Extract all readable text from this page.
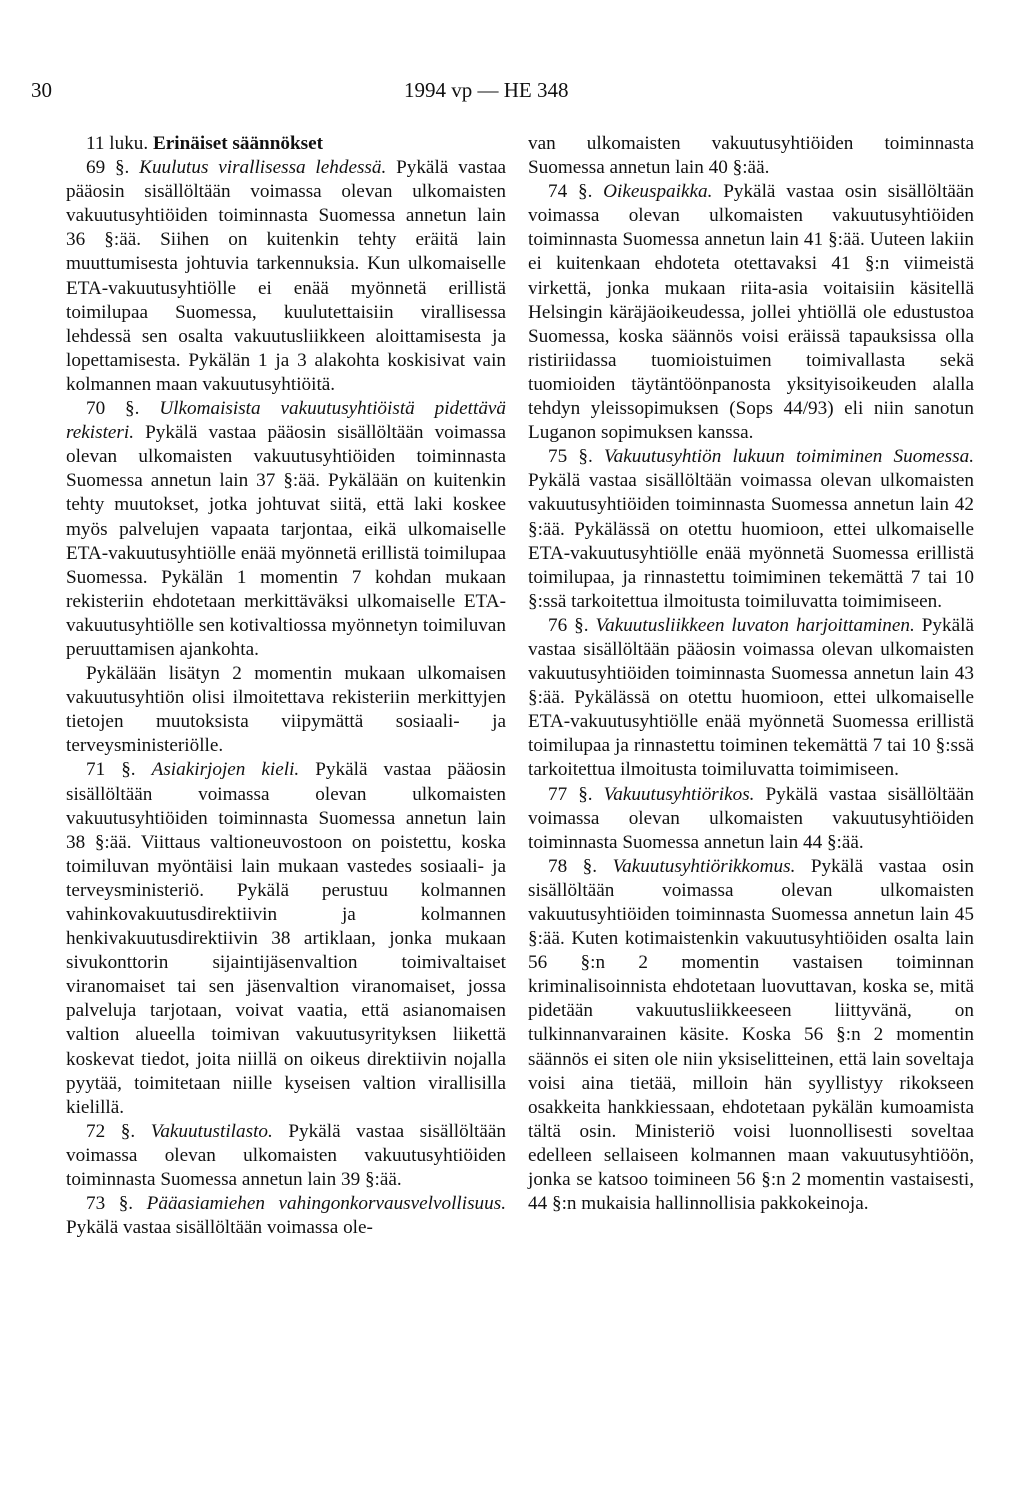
30	1994 vp — HE 348

11 luku. Erinäiset säännökset

69 §. Kuulutus virallisessa lehdessä. Pykälä vastaa pääosin sisällöltään voimassa olevan ulkomaisten vakuutusyhtiöiden toiminnasta Suomessa annetun lain 36 §:ää. Siihen on kuitenkin tehty eräitä lain muuttumisesta johtuvia tarkennuksia. Kun ulkomaiselle ETA-vakuutusyhtiölle ei enää myönnetä erillistä toimilupaa Suomessa, kuulutettaisiin virallisessa lehdessä sen osalta vakuutusliikkeen aloittamisesta ja lopettamisesta. Pykälän 1 ja 3 alakohta koskisivat vain kolmannen maan vakuutusyhtiöitä.

70 §. Ulkomaisista vakuutusyhtiöistä pidettävä rekisteri. Pykälä vastaa pääosin sisällöltään voimassa olevan ulkomaisten vakuutusyhtiöiden toiminnasta Suomessa annetun lain 37 §:ää. Pykälään on kuitenkin tehty muutokset, jotka johtuvat siitä, että laki koskee myös palvelujen vapaata tarjontaa, eikä ulkomaiselle ETA-vakuutusyhtiölle enää myönnetä erillistä toimilupaa Suomessa. Pykälän 1 momentin 7 kohdan mukaan rekisteriin ehdotetaan merkittäväksi ulkomaiselle ETA-vakuutusyhtiölle sen kotivaltiossa myönnetyn toimiluvan peruuttamisen ajankohta.

Pykälään lisätyn 2 momentin mukaan ulkomaisen vakuutusyhtiön olisi ilmoitettava rekisteriin merkittyjen tietojen muutoksista viipymättä sosiaali- ja terveysministeriölle.

71 §. Asiakirjojen kieli. Pykälä vastaa pääosin sisällöltään voimassa olevan ulkomaisten vakuutusyhtiöiden toiminnasta Suomessa annetun lain 38 §:ää. Viittaus valtioneuvostoon on poistettu, koska toimiluvan myöntäisi lain mukaan vastedes sosiaali- ja terveysministeriö. Pykälä perustuu kolmannen vahinkovakuutusdirektiivin ja kolmannen henkivakuutusdirektiivin 38 artiklaan, jonka mukaan sivukonttorin sijaintijäsenvaltion toimivaltaiset viranomaiset tai sen jäsenvaltion viranomaiset, jossa palveluja tarjotaan, voivat vaatia, että asianomaisen valtion alueella toimivan vakuutusyrityksen liikettä koskevat tiedot, joita niillä on oikeus direktiivin nojalla pyytää, toimitetaan niille kyseisen valtion virallisilla kielillä.

72 §. Vakuutustilasto. Pykälä vastaa sisällöltään voimassa olevan ulkomaisten vakuutusyhtiöiden toiminnasta Suomessa annetun lain 39 §:ää.

73 §. Pääasiamiehen vahingonkorvausvelvollisuus. Pykälä vastaa sisällöltään voimassa ole-

van ulkomaisten vakuutusyhtiöiden toiminnasta Suomessa annetun lain 40 §:ää.

74 §. Oikeuspaikka. Pykälä vastaa osin sisällöltään voimassa olevan ulkomaisten vakuutusyhtiöiden toiminnasta Suomessa annetun lain 41 §:ää. Uuteen lakiin ei kuitenkaan ehdoteta otettavaksi 41 §:n viimeistä virkettä, jonka mukaan riita-asia voitaisiin käsitellä Helsingin käräjäoikeudessa, jollei yhtiöllä ole edustustoa Suomessa, koska säännös voisi eräissä tapauksissa olla ristiriidassa tuomioistuimen toimivallasta sekä tuomioiden täytäntöönpanosta yksityisoikeuden alalla tehdyn yleissopimuksen (Sops 44/93) eli niin sanotun Luganon sopimuksen kanssa.

75 §. Vakuutusyhtiön lukuun toimiminen Suomessa. Pykälä vastaa sisällöltään voimassa olevan ulkomaisten vakuutusyhtiöiden toiminnasta Suomessa annetun lain 42 §:ää. Pykälässä on otettu huomioon, ettei ulkomaiselle ETA-vakuutusyhtiölle enää myönnetä Suomessa erillistä toimilupaa, ja rinnastettu toimiminen tekemättä 7 tai 10 §:ssä tarkoitettua ilmoitusta toimiluvatta toimimiseen.

76 §. Vakuutusliikkeen luvaton harjoittaminen. Pykälä vastaa sisällöltään pääosin voimassa olevan ulkomaisten vakuutusyhtiöiden toiminnasta Suomessa annetun lain 43 §:ää. Pykälässä on otettu huomioon, ettei ulkomaiselle ETA-vakuutusyhtiölle enää myönnetä Suomessa erillistä toimilupaa ja rinnastettu toiminen tekemättä 7 tai 10 §:ssä tarkoitettua ilmoitusta toimiluvatta toimimiseen.

77 §. Vakuutusyhtiörikos. Pykälä vastaa sisällöltään voimassa olevan ulkomaisten vakuutusyhtiöiden toiminnasta Suomessa annetun lain 44 §:ää.

78 §. Vakuutusyhtiörikkomus. Pykälä vastaa osin sisällöltään voimassa olevan ulkomaisten vakuutusyhtiöiden toiminnasta Suomessa annetun lain 45 §:ää. Kuten kotimaistenkin vakuutusyhtiöiden osalta lain 56 §:n 2 momentin vastaisen toiminnan kriminalisoinnista ehdotetaan luovuttavan, koska se, mitä pidetään vakuutusliikkeeseen liittyvänä, on tulkinnanvarainen käsite. Koska 56 §:n 2 momentin säännös ei siten ole niin yksiselitteinen, että lain soveltaja voisi aina tietää, milloin hän syyllistyy rikokseen osakkeita hankkiessaan, ehdotetaan pykälän kumoamista tältä osin. Ministeriö voisi luonnollisesti soveltaa edelleen sellaiseen kolmannen maan vakuutusyhtiöön, jonka se katsoo toimineen 56 §:n 2 momentin vastaisesti, 44 §:n mukaisia hallinnollisia pakkokeinoja.
